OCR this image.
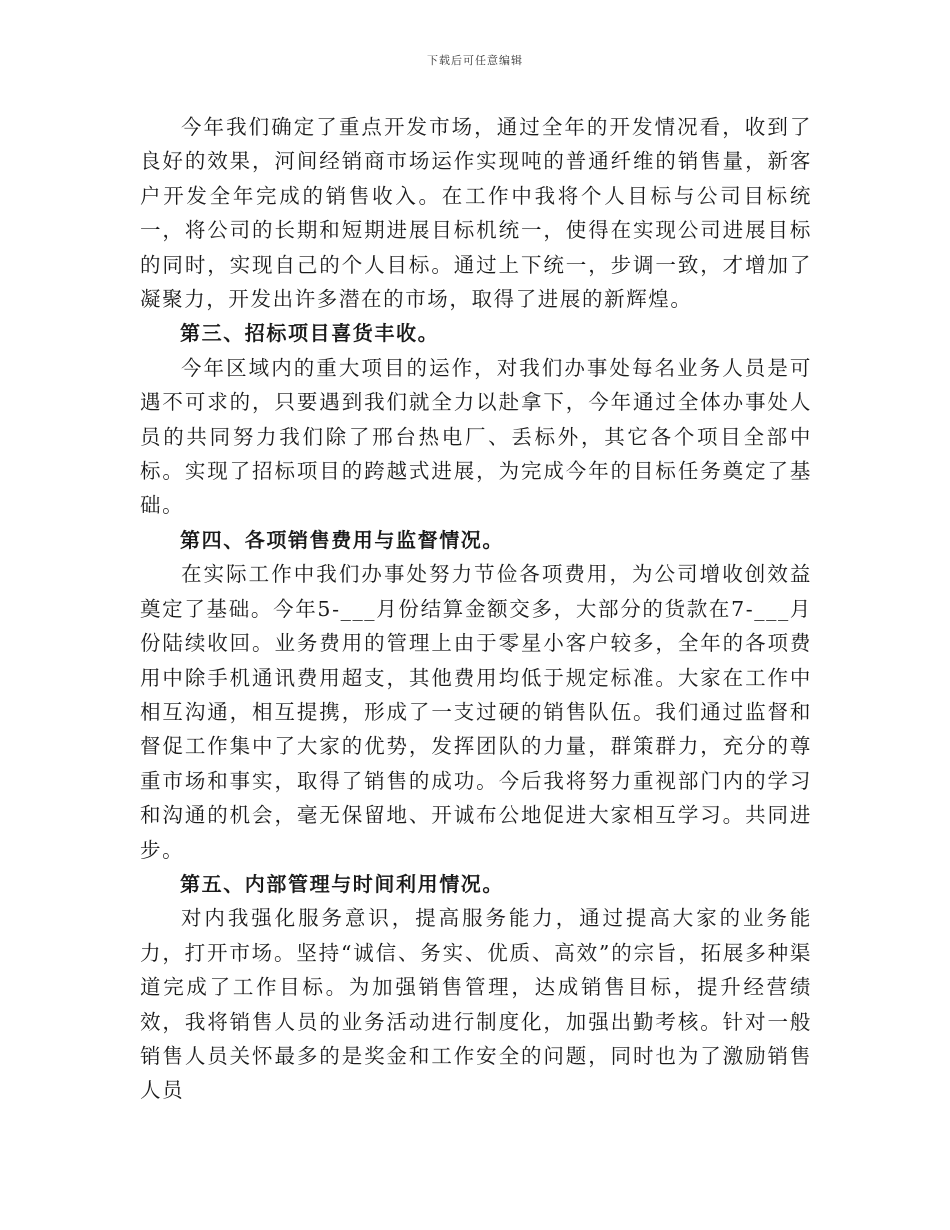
下载后可任意编辑

今年我们确定了重点开发市场，通过全年的开发情况看，收到了良好的效果，河间经销商市场运作实现吨的普通纤维的销售量，新客户开发全年完成的销售收入。在工作中我将个人目标与公司目标统一，将公司的长期和短期进展目标机统一，使得在实现公司进展目标的同时，实现自己的个人目标。通过上下统一，步调一致，才增加了凝聚力，开发出许多潜在的市场，取得了进展的新辉煌。

第三、招标项目喜货丰收。

今年区域内的重大项目的运作，对我们办事处每名业务人员是可遇不可求的，只要遇到我们就全力以赴拿下，今年通过全体办事处人员的共同努力我们除了邢台热电厂、丢标外，其它各个项目全部中标。实现了招标项目的跨越式进展，为完成今年的目标任务奠定了基础。

第四、各项销售费用与监督情况。

在实际工作中我们办事处努力节俭各项费用，为公司增收创效益奠定了基础。今年5-___月份结算金额交多，大部分的货款在7-___月份陆续收回。业务费用的管理上由于零星小客户较多，全年的各项费用中除手机通讯费用超支，其他费用均低于规定标准。大家在工作中相互沟通，相互提携，形成了一支过硬的销售队伍。我们通过监督和督促工作集中了大家的优势，发挥团队的力量，群策群力，充分的尊重市场和事实，取得了销售的成功。今后我将努力重视部门内的学习和沟通的机会，毫无保留地、开诚布公地促进大家相互学习。共同进步。

第五、内部管理与时间利用情况。

对内我强化服务意识，提高服务能力，通过提高大家的业务能力，打开市场。坚持“诚信、务实、优质、高效”的宗旨，拓展多种渠道完成了工作目标。为加强销售管理，达成销售目标，提升经营绩效，我将销售人员的业务活动进行制度化，加强出勤考核。针对一般销售人员关怀最多的是奖金和工作安全的问题，同时也为了激励销售人员
